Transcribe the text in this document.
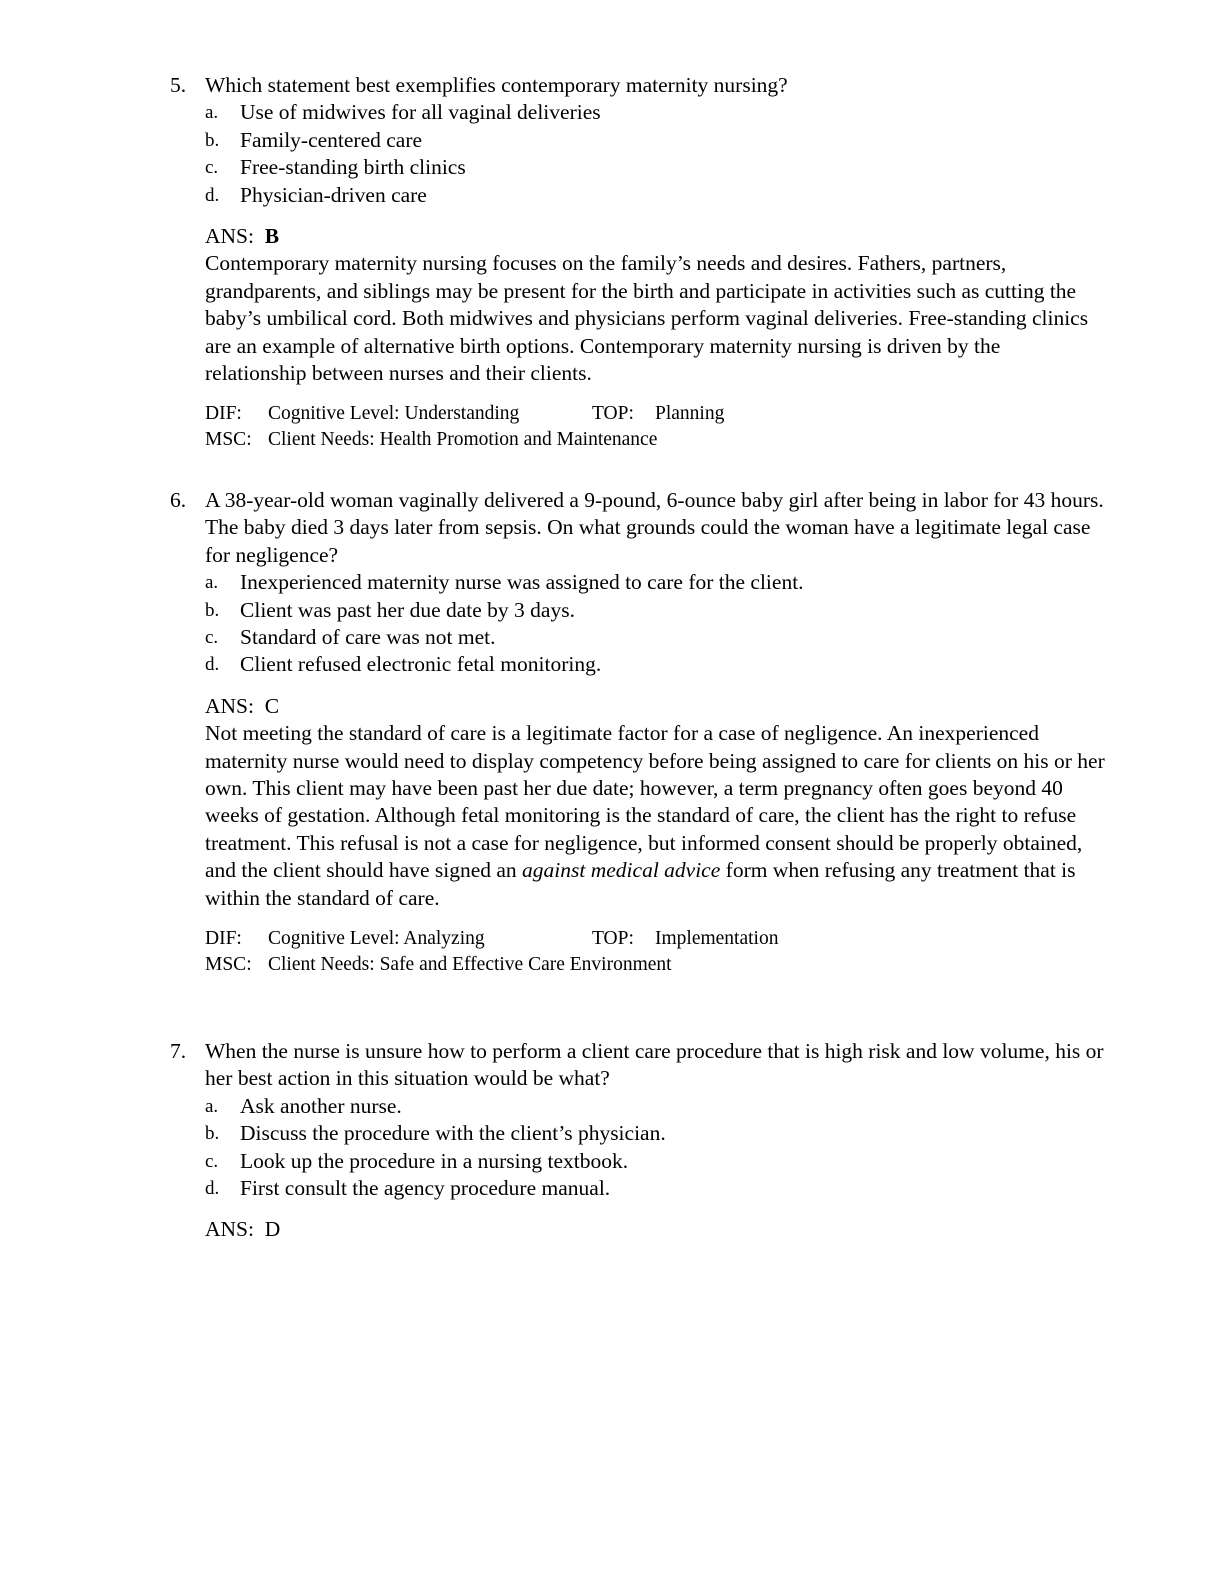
5. Which statement best exemplifies contemporary maternity nursing?
a. Use of midwives for all vaginal deliveries
b. Family-centered care
c. Free-standing birth clinics
d. Physician-driven care
ANS: B
Contemporary maternity nursing focuses on the family’s needs and desires. Fathers, partners, grandparents, and siblings may be present for the birth and participate in activities such as cutting the baby’s umbilical cord. Both midwives and physicians perform vaginal deliveries. Free-standing clinics are an example of alternative birth options. Contemporary maternity nursing is driven by the relationship between nurses and their clients.
DIF: Cognitive Level: Understanding	TOP: Planning
MSC: Client Needs: Health Promotion and Maintenance
6. A 38-year-old woman vaginally delivered a 9-pound, 6-ounce baby girl after being in labor for 43 hours. The baby died 3 days later from sepsis. On what grounds could the woman have a legitimate legal case for negligence?
a. Inexperienced maternity nurse was assigned to care for the client.
b. Client was past her due date by 3 days.
c. Standard of care was not met.
d. Client refused electronic fetal monitoring.
ANS: C
Not meeting the standard of care is a legitimate factor for a case of negligence. An inexperienced maternity nurse would need to display competency before being assigned to care for clients on his or her own. This client may have been past her due date; however, a term pregnancy often goes beyond 40 weeks of gestation. Although fetal monitoring is the standard of care, the client has the right to refuse treatment. This refusal is not a case for negligence, but informed consent should be properly obtained, and the client should have signed an against medical advice form when refusing any treatment that is within the standard of care.
DIF: Cognitive Level: Analyzing	TOP: Implementation
MSC: Client Needs: Safe and Effective Care Environment
7. When the nurse is unsure how to perform a client care procedure that is high risk and low volume, his or her best action in this situation would be what?
a. Ask another nurse.
b. Discuss the procedure with the client’s physician.
c. Look up the procedure in a nursing textbook.
d. First consult the agency procedure manual.
ANS: D
